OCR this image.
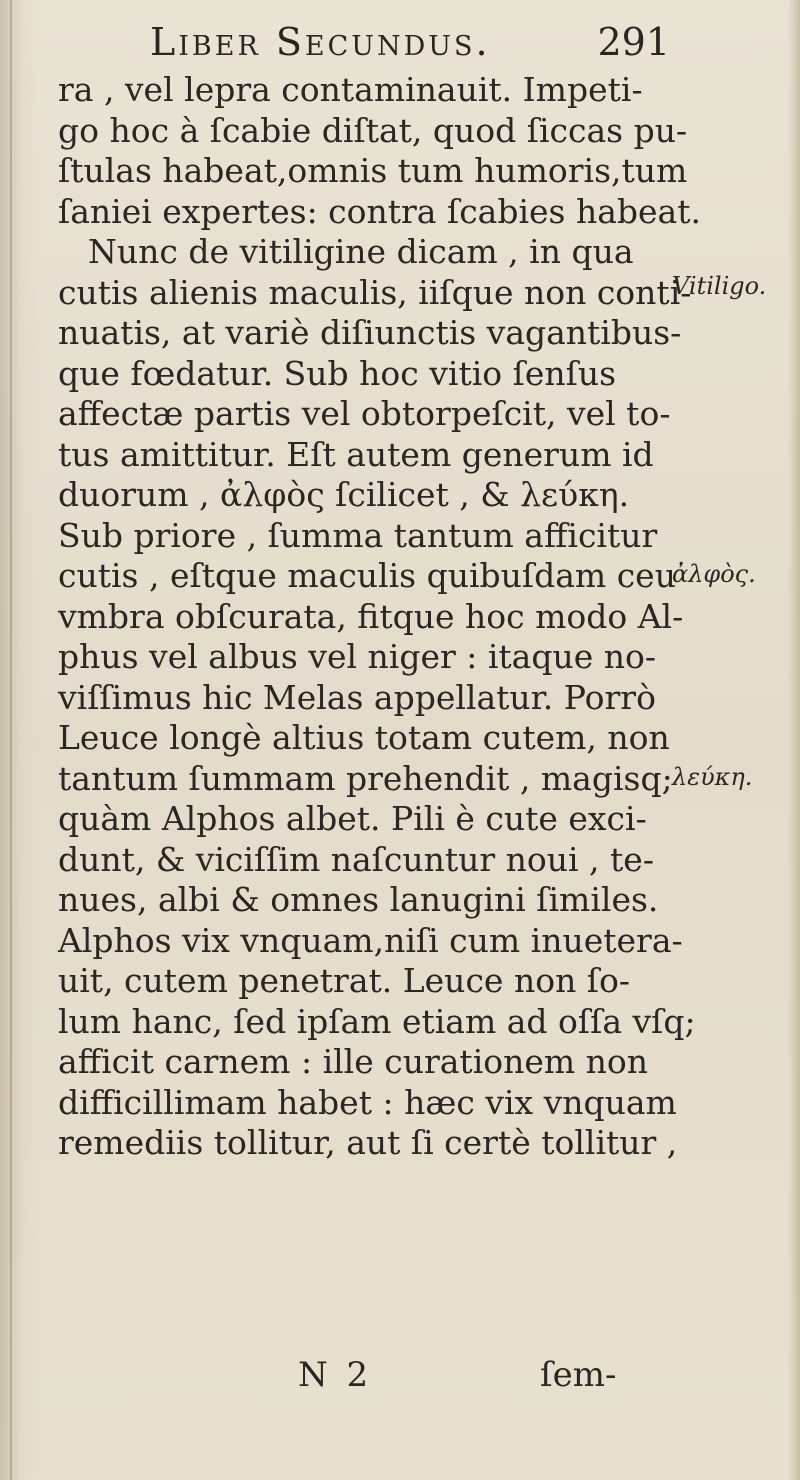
Liber Secundus.	291
ra , vel lepra contaminauit. Impeti-
go hoc à ſcabie diſtat, quod ſiccas pu-
ſtulas habeat,omnis tum humoris,tum
ſaniei expertes: contra ſcabies habeat.
Nunc de vitiligine dicam , in qua
cutis alienis maculis, iiſque non conti-
nuatis, at variè diſiunctis vagantibus-
que fœdatur. Sub hoc vitio ſenſus
affectæ partis vel obtorpeſcit, vel to-
tus amittitur. Eſt autem generum id
duorum , ἀλφὸς ſcilicet , & λεύκη.
Sub priore , ſumma tantum afficitur
cutis , eſtque maculis quibuſdam ceu
vmbra obſcurata, fitque hoc modo Al-
phus vel albus vel niger : itaque no-
viſſimus hic Melas appellatur. Porrò
Leuce longè altius totam cutem, non
tantum ſummam prehendit , magisq;
quàm Alphos albet. Pili è cute exci-
dunt, & viciſſim naſcuntur noui , te-
nues, albi & omnes lanugini ſimiles.
Alphos vix vnquam,niſi cum inuetera-
uit, cutem penetrat. Leuce non ſo-
lum hanc, ſed ipſam etiam ad oſſa vſq;
afficit carnem : ille curationem non
difficillimam habet : hæc vix vnquam
remediis tollitur, aut ſi certè tollitur ,
Vitiligo.
ἀλφὸς.
λεύκη.
N 2	ſem-
